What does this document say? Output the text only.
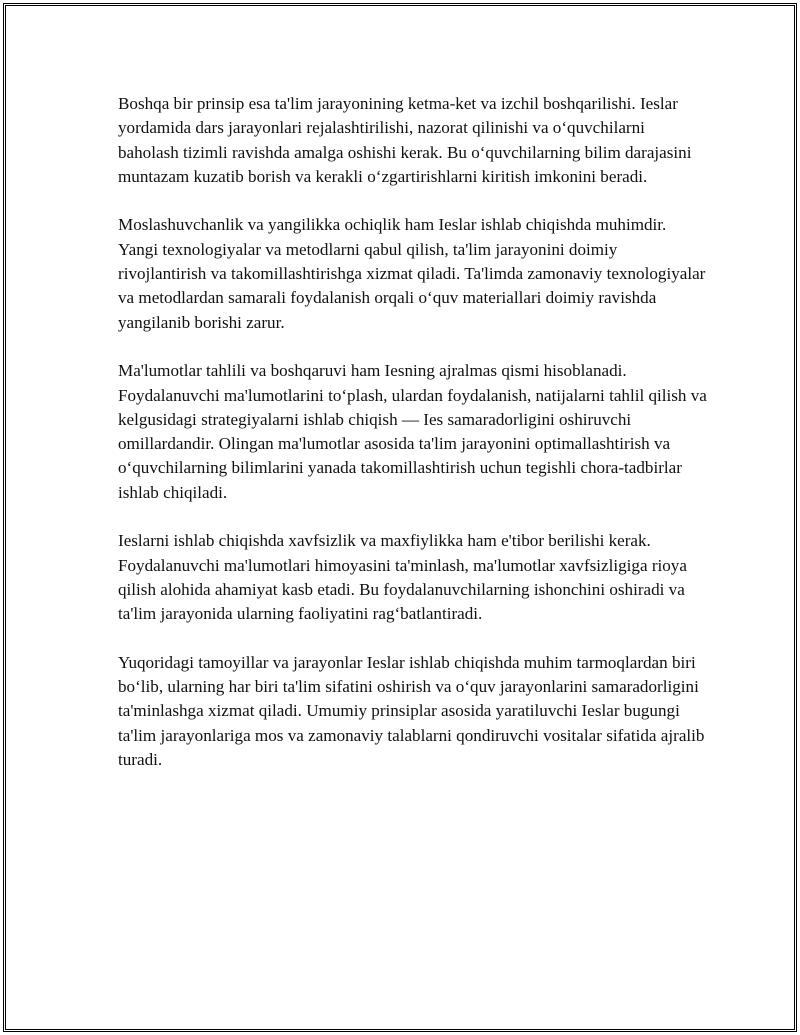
Boshqa bir prinsip esa ta'lim jarayonining ketma-ket va izchil boshqarilishi. Ieslar yordamida dars jarayonlari rejalashtirilishi, nazorat qilinishi va o‘quvchilarni baholash tizimli ravishda amalga oshishi kerak. Bu o‘quvchilarning bilim darajasini muntazam kuzatib borish va kerakli o‘zgartirishlarni kiritish imkonini beradi.

Moslashuvchanlik va yangilikka ochiqlik ham Ieslar ishlab chiqishda muhimdir. Yangi texnologiyalar va metodlarni qabul qilish, ta'lim jarayonini doimiy rivojlantirish va takomillashtirishga xizmat qiladi. Ta'limda zamonaviy texnologiyalar va metodlardan samarali foydalanish orqali o‘quv materiallari doimiy ravishda yangilanib borishi zarur.

Ma'lumotlar tahlili va boshqaruvi ham Iesning ajralmas qismi hisoblanadi. Foydalanuvchi ma'lumotlarini to‘plash, ulardan foydalanish, natijalarni tahlil qilish va kelgusidagi strategiyalarni ishlab chiqish — Ies samaradorligini oshiruvchi omillardandir. Olingan ma'lumotlar asosida ta'lim jarayonini optimallashtirish va o‘quvchilarning bilimlarini yanada takomillashtirish uchun tegishli chora-tadbirlar ishlab chiqiladi.

Ieslarni ishlab chiqishda xavfsizlik va maxfiylikka ham e'tibor berilishi kerak. Foydalanuvchi ma'lumotlari himoyasini ta'minlash, ma'lumotlar xavfsizligiga rioya qilish alohida ahamiyat kasb etadi. Bu foydalanuvchilarning ishonchini oshiradi va ta'lim jarayonida ularning faoliyatini rag‘batlantiradi.

Yuqoridagi tamoyillar va jarayonlar Ieslar ishlab chiqishda muhim tarmoqlardan biri bo‘lib, ularning har biri ta'lim sifatini oshirish va o‘quv jarayonlarini samaradorligini ta'minlashga xizmat qiladi. Umumiy prinsiplar asosida yaratiluvchi Ieslar bugungi ta'lim jarayonlariga mos va zamonaviy talablarni qondiruvchi vositalar sifatida ajralib turadi.
